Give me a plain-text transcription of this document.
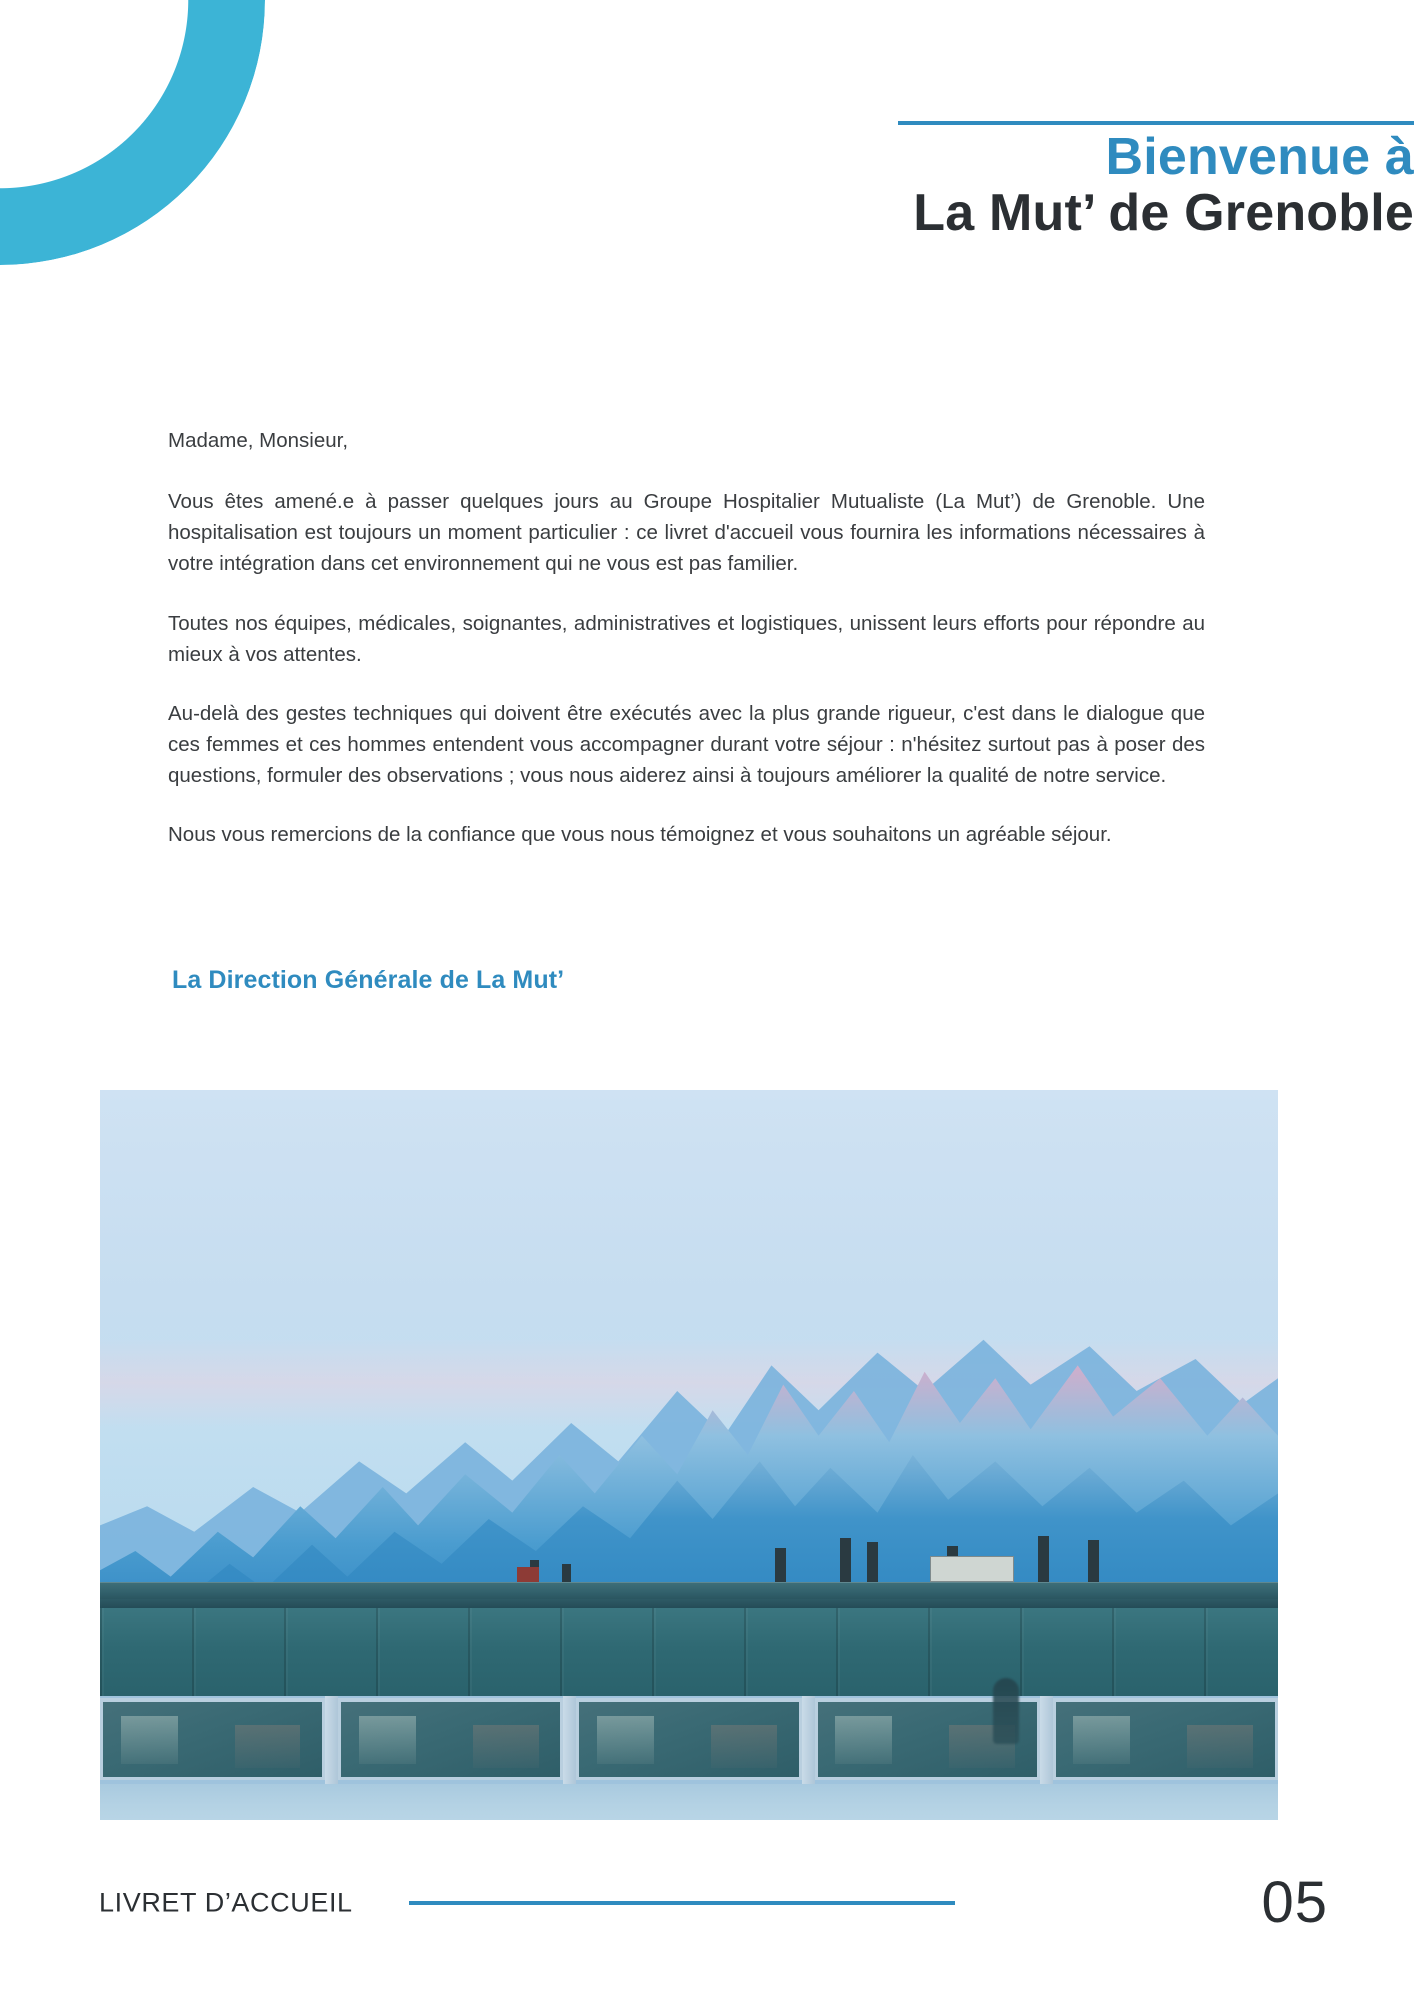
Bienvenue à
La Mut’ de Grenoble

Madame, Monsieur,

Vous êtes amené.e à passer quelques jours au Groupe Hospitalier Mutualiste (La Mut’) de Grenoble. Une hospitalisation est toujours un moment particulier : ce livret d'accueil vous fournira les informations nécessaires à votre intégration dans cet environnement qui ne vous est pas familier.

Toutes nos équipes, médicales, soignantes, administratives et logistiques, unissent leurs efforts pour répondre au mieux à vos attentes.

Au-delà des gestes techniques qui doivent être exécutés avec la plus grande rigueur, c'est dans le dialogue que ces femmes et ces hommes entendent vous accompagner durant votre séjour : n'hésitez surtout pas à poser des questions, formuler des observations ; vous nous aiderez ainsi à toujours améliorer la qualité de notre service.

Nous vous remercions de la confiance que vous nous témoignez et vous souhaitons un agréable séjour.

La Direction Générale de La Mut’
LIVRET D’ACCUEIL	05
